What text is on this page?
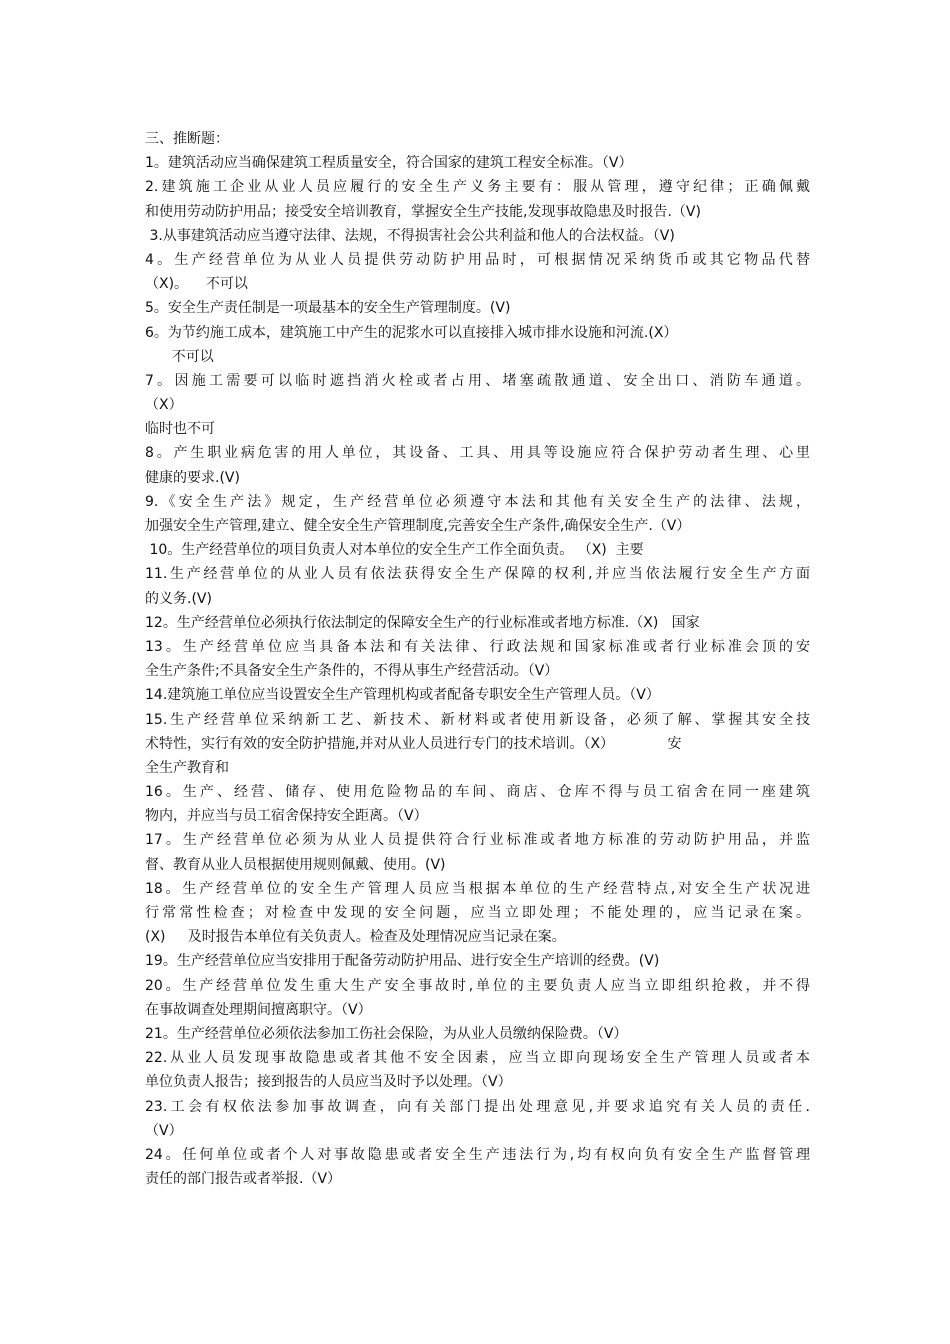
三、推断题：
1。建筑活动应当确保建筑工程质量安全，符合国家的建筑工程安全标准。（V）
2.建筑施工企业从业人员应履行的安全生产义务主要有：服从管理，遵守纪律；正确佩戴
和使用劳动防护用品；接受安全培训教育，掌握安全生产技能,发现事故隐患及时报告.（V)
3.从事建筑活动应当遵守法律、法规，不得损害社会公共利益和他人的合法权益。（V)
4。生产经营单位为从业人员提供劳动防护用品时，可根据情况采纳货币或其它物品代替
（X)。    不可以
5。安全生产责任制是一项最基本的安全生产管理制度。(V)
6。为节约施工成本，建筑施工中产生的泥浆水可以直接排入城市排水设施和河流.(X）
不可以
7。因施工需要可以临时遮挡消火栓或者占用、堵塞疏散通道、安全出口、消防车通道。
（X）
临时也不可
8。产生职业病危害的用人单位，其设备、工具、用具等设施应符合保护劳动者生理、心里
健康的要求.(V)
9.《安全生产法》规定，生产经营单位必须遵守本法和其他有关安全生产的法律、法规，
加强安全生产管理,建立、健全安全生产管理制度,完善安全生产条件,确保安全生产.（V）
10。生产经营单位的项目负责人对本单位的安全生产工作全面负责。 （X)  主要
11.生产经营单位的从业人员有依法获得安全生产保障的权利,并应当依法履行安全生产方面
的义务.(V)
12。生产经营单位必须执行依法制定的保障安全生产的行业标准或者地方标准.（X)   国家
13。生产经营单位应当具备本法和有关法律、行政法规和国家标准或者行业标准会顶的安
全生产条件;不具备安全生产条件的，不得从事生产经营活动。（V）
14.建筑施工单位应当设置安全生产管理机构或者配备专职安全生产管理人员。（V）
15.生产经营单位采纳新工艺、新技术、新材料或者使用新设备，必须了解、掌握其安全技
术特性，实行有效的安全防护措施,并对从业人员进行专门的技术培训。（X）            安
全生产教育和
16。生产、经营、储存、使用危险物品的车间、商店、仓库不得与员工宿舍在同一座建筑
物内，并应当与员工宿舍保持安全距离。（V）
17。生产经营单位必须为从业人员提供符合行业标准或者地方标准的劳动防护用品，并监
督、教育从业人员根据使用规则佩戴、使用。(V)
18。生产经营单位的安全生产管理人员应当根据本单位的生产经营特点,对安全生产状况进
行常常性检查；对检查中发现的安全问题，应当立即处理；不能处理的，应当记录在案。
(X)     及时报告本单位有关负责人。检查及处理情况应当记录在案。
19。生产经营单位应当安排用于配备劳动防护用品、进行安全生产培训的经费。(V)
20。生产经营单位发生重大生产安全事故时,单位的主要负责人应当立即组织抢救，并不得
在事故调查处理期间擅离职守。（V）
21。生产经营单位必须依法参加工伤社会保险，为从业人员缴纳保险费。（V）
22.从业人员发现事故隐患或者其他不安全因素，应当立即向现场安全生产管理人员或者本
单位负责人报告；接到报告的人员应当及时予以处理。（V）
23.工会有权依法参加事故调查，向有关部门提出处理意见,并要求追究有关人员的责任.
（V）
24。任何单位或者个人对事故隐患或者安全生产违法行为,均有权向负有安全生产监督管理
责任的部门报告或者举报.（V）
